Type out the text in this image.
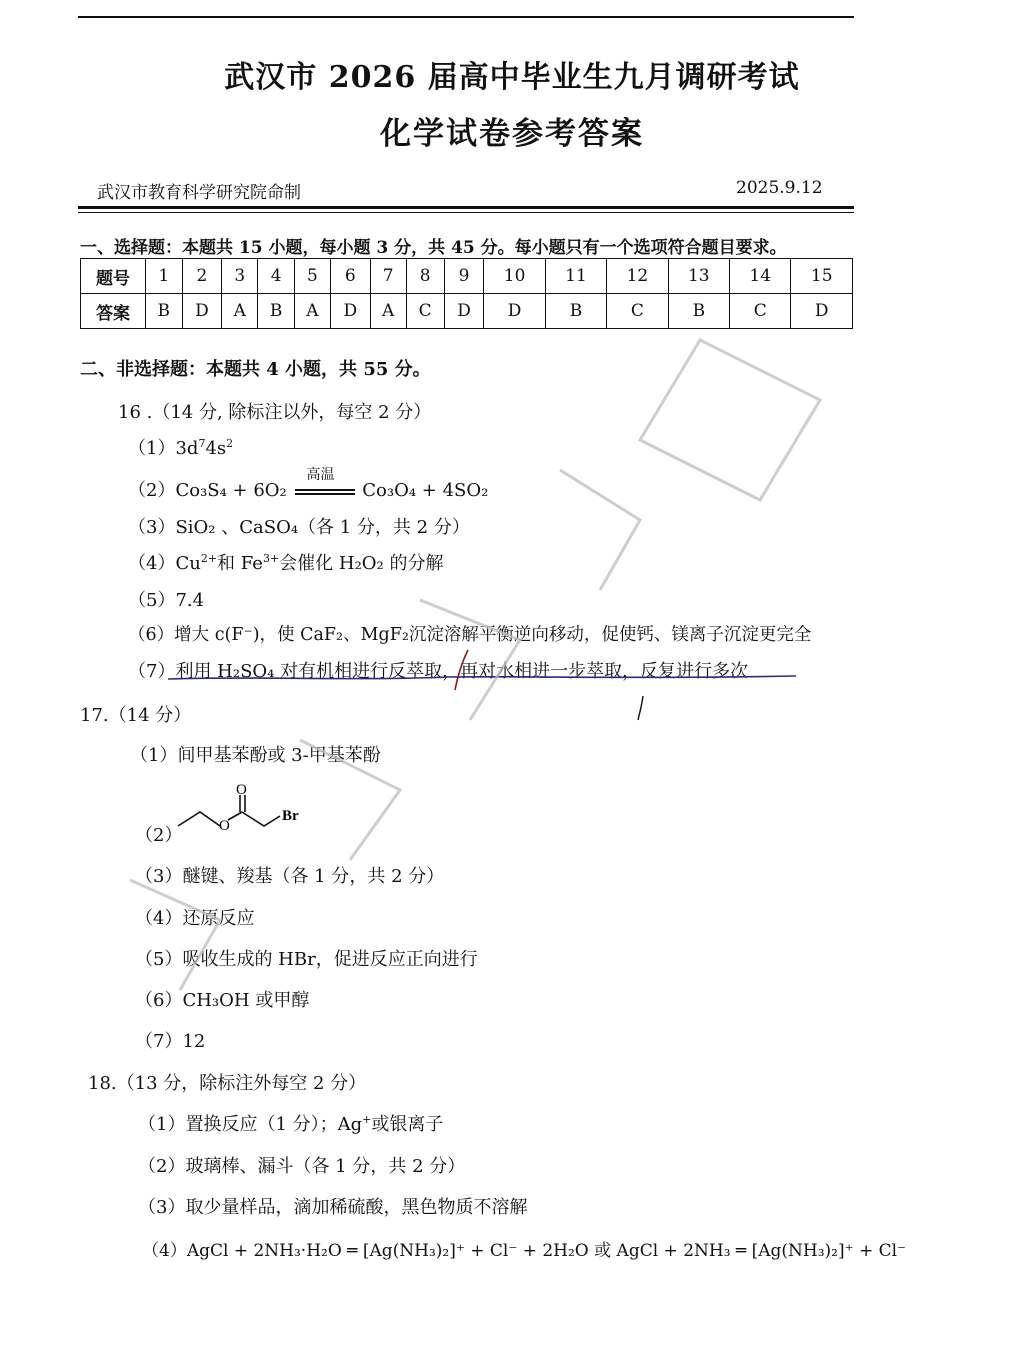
武汉市 2026 届高中毕业生九月调研考试
化学试卷参考答案
武汉市教育科学研究院命制	2025.9.12
一、选择题：本题共 15 小题，每小题 3 分，共 45 分。每小题只有一个选项符合题目要求。
题号	1	2	3	4	5	6	7	8	9	10	11	12	13	14	15
答案	B	D	A	B	A	D	A	C	D	D	B	C	B	C	D
二、非选择题：本题共 4 小题，共 55 分。
16 .（14 分, 除标注以外，每空 2 分）
$(1)3d^74s^2$
（2）Co₃S₄ + 6O₂
高温
Co₃O₄ + 4SO₂
（3）SiO₂ 、CaSO₄（各 1 分，共 2 分）
$(4)Cu^{2+}$和 $Fe^{3+}$会催化 H₂O₂ 的分解
（5）7.4
（6）增大 c(F⁻)，使 CaF₂、MgF₂沉淀溶解平衡逆向移动，促使钙、镁离子沉淀更完全
（7）利用 H₂SO₄ 对有机相进行反萃取，再对水相进一步萃取，反复进行多次
17.（14 分）
（1）间甲基苯酚或 3-甲基苯酚
（2） O
O
Br
（3）醚键、羧基（各 1 分，共 2 分）
（4）还原反应
（5）吸收生成的 HBr，促进反应正向进行
（6）CH₃OH 或甲醇
（7）12
18.（13 分，除标注外每空 2 分）
（1）置换反应（1 分）；Ag+或银离子
（2）玻璃棒、漏斗（各 1 分，共 2 分）
（3）取少量样品，滴加稀硫酸，黑色物质不溶解
（4）AgCl + 2NH₃·H₂O ═ [Ag(NH₃)₂]⁺ + Cl⁻ + 2H₂O 或 AgCl + 2NH₃ ═ [Ag(NH₃)₂]⁺ + Cl⁻
